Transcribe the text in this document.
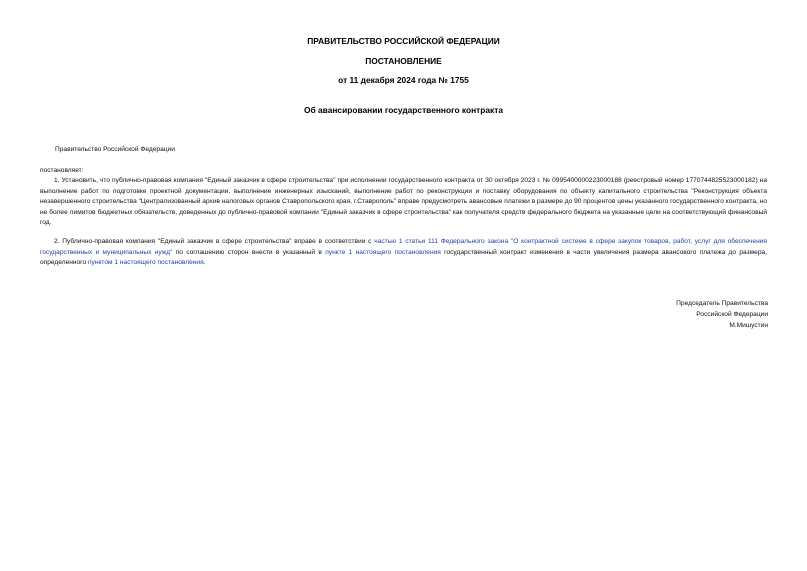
ПРАВИТЕЛЬСТВО РОССИЙСКОЙ ФЕДЕРАЦИИ
ПОСТАНОВЛЕНИЕ
от 11 декабря 2024 года № 1755
Об авансировании государственного контракта
Правительство Российской Федерации
постановляет:
1. Установить, что публично-правовая компания "Единый заказчик в сфере строительства" при исполнении государственного контракта от 30 октября 2023 г. № 0995400000223000188 (реестровый номер 1770744825523000182) на выполнение работ по подготовке проектной документации, выполнение инженерных изысканий, выполнение работ по реконструкции и поставку оборудования по объекту капитального строительства "Реконструкция объекта незавершенного строительства "Централизованный архив налоговых органов Ставропольского края, г.Ставрополь" вправе предусмотреть авансовые платежи в размере до 90 процентов цены указанного государственного контракта, но не более лимитов бюджетных обязательств, доведенных до публично-правовой компании "Единый заказчик в сфере строительства" как получателя средств федерального бюджета на указанные цели на соответствующий финансовый год.
2. Публично-правовая компания "Единый заказчик в сфере строительства" вправе в соответствии с частью 1 статьи 111 Федерального закона "О контрактной системе в сфере закупок товаров, работ, услуг для обеспечения государственных и муниципальных нужд" по соглашению сторон внести в указанный в пункте 1 настоящего постановления государственный контракт изменения в части увеличения размера авансового платежа до размера, определенного пунктом 1 настоящего постановления.
Председатель Правительства
Российской Федерации
М.Мишустин
